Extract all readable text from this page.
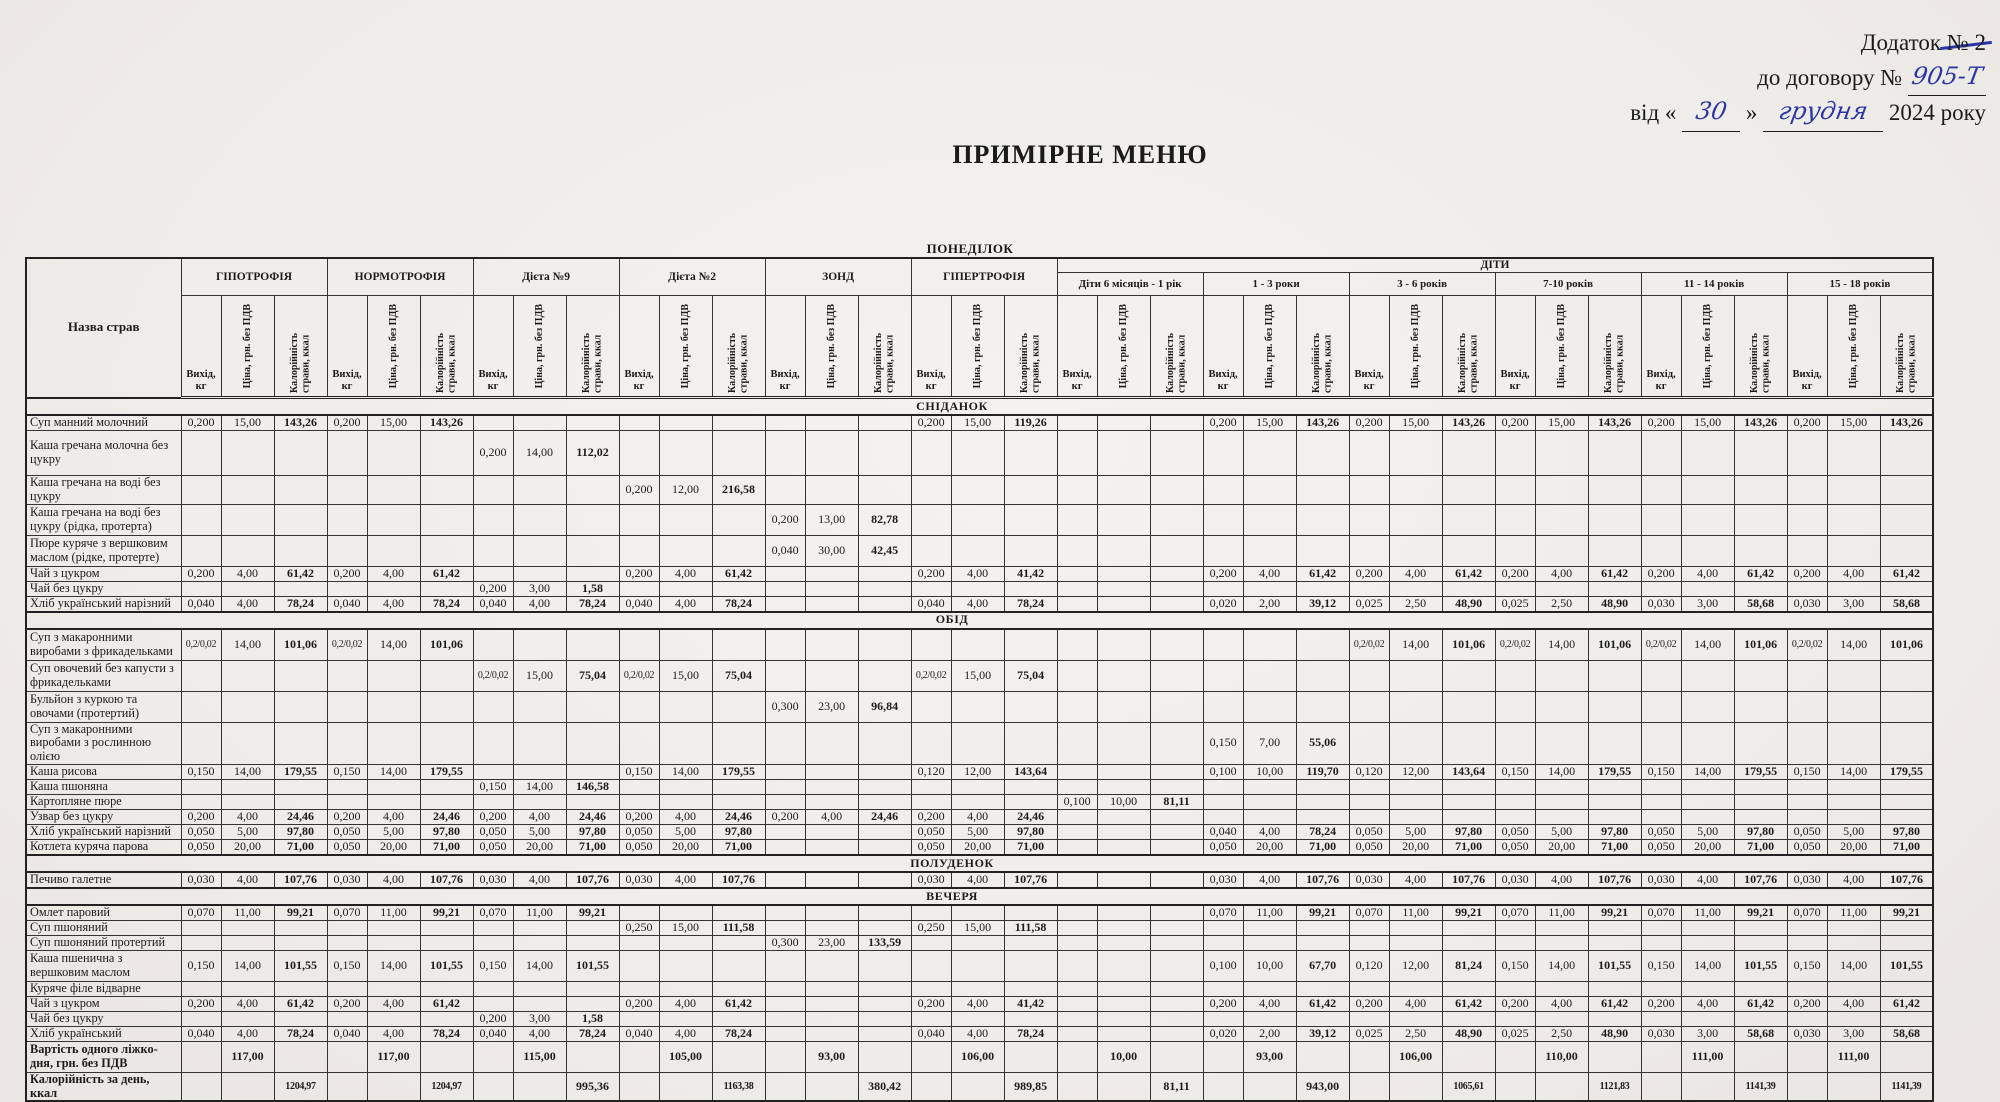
Додаток № 2
до договору № 905-Т
від « 30 » грудня 2024 року
ПРИМІРНЕ МЕНЮ
ПОНЕДІЛОК
Назва страв	ГІПОТРОФІЯ			НОРМОТРОФІЯ			Дієта №9			Дієта №2			ЗОНД			ГІПЕРТРОФІЯ			ДІТИ																	
																			Діти 6 місяців - 1 рік			1 - 3 роки			3 - 6 років			7-10 років			11 - 14 років			15 - 18 років		

Вихід, кг	Ціна, грн. без ПДВ	Калорійність страви, ккал	Вихід, кг	Ціна, грн. без ПДВ	Калорійність страви, ккал	Вихід, кг	Ціна, грн. без ПДВ	Калорійність страви, ккал	Вихід, кг	Ціна, грн. без ПДВ	Калорійність страви, ккал	Вихід, кг	Ціна, грн. без ПДВ	Калорійність страви, ккал	Вихід, кг	Ціна, грн. без ПДВ	Калорійність страви, ккал	Вихід, кг	Ціна, грн. без ПДВ	Калорійність страви, ккал	Вихід, кг	Ціна, грн. без ПДВ	Калорійність страви, ккал	Вихід, кг	Ціна, грн. без ПДВ	Калорійність страви, ккал	Вихід, кг	Ціна, грн. без ПДВ	Калорійність страви, ккал	Вихід, кг	Ціна, грн. без ПДВ	Калорійність страви, ккал	Вихід, кг	Ціна, грн. без ПДВ	Калорійність страви, ккал

СНІДАНОК																																				
Суп манний молочний	0,200	15,00	143,26	0,200	15,00	143,26										0,200	15,00	119,26				0,200	15,00	143,26	0,200	15,00	143,26	0,200	15,00	143,26	0,200	15,00	143,26	0,200	15,00	143,26
Каша гречана молочна без цукру							0,200	14,00	112,02																											
Каша гречана на воді без цукру										0,200	12,00	216,58																								
Каша гречана на воді без цукру (рідка, протерта)													0,200	13,00	82,78																					
Пюре куряче з вершковим маслом (рідке, протерте)													0,040	30,00	42,45																					
Чай з цукром	0,200	4,00	61,42	0,200	4,00	61,42				0,200	4,00	61,42				0,200	4,00	41,42				0,200	4,00	61,42	0,200	4,00	61,42	0,200	4,00	61,42	0,200	4,00	61,42	0,200	4,00	61,42
Чай без цукру							0,200	3,00	1,58																											
Хліб український нарізний	0,040	4,00	78,24	0,040	4,00	78,24	0,040	4,00	78,24	0,040	4,00	78,24				0,040	4,00	78,24				0,020	2,00	39,12	0,025	2,50	48,90	0,025	2,50	48,90	0,030	3,00	58,68	0,030	3,00	58,68
ОБІД																																				
Суп з макаронними виробами з фрикадельками	0,2/0,02	14,00	101,06	0,2/0,02	14,00	101,06																			0,2/0,02	14,00	101,06	0,2/0,02	14,00	101,06	0,2/0,02	14,00	101,06	0,2/0,02	14,00	101,06
Суп овочевий без капусти з фрикадельками							0,2/0,02	15,00	75,04	0,2/0,02	15,00	75,04				0,2/0,02	15,00	75,04																		
Бульйон з куркою та овочами (протертий)													0,300	23,00	96,84																					
Суп з макаронними виробами з рослинною олією																						0,150	7,00	55,06												
Каша рисова	0,150	14,00	179,55	0,150	14,00	179,55				0,150	14,00	179,55				0,120	12,00	143,64				0,100	10,00	119,70	0,120	12,00	143,64	0,150	14,00	179,55	0,150	14,00	179,55	0,150	14,00	179,55
Каша пшоняна							0,150	14,00	146,58																											
Картопляне пюре																			0,100	10,00	81,11															
Узвар без цукру	0,200	4,00	24,46	0,200	4,00	24,46	0,200	4,00	24,46	0,200	4,00	24,46	0,200	4,00	24,46	0,200	4,00	24,46																		
Хліб український нарізний	0,050	5,00	97,80	0,050	5,00	97,80	0,050	5,00	97,80	0,050	5,00	97,80				0,050	5,00	97,80				0,040	4,00	78,24	0,050	5,00	97,80	0,050	5,00	97,80	0,050	5,00	97,80	0,050	5,00	97,80
Котлета куряча парова	0,050	20,00	71,00	0,050	20,00	71,00	0,050	20,00	71,00	0,050	20,00	71,00				0,050	20,00	71,00				0,050	20,00	71,00	0,050	20,00	71,00	0,050	20,00	71,00	0,050	20,00	71,00	0,050	20,00	71,00
ПОЛУДЕНОК																																				
Печиво галетне	0,030	4,00	107,76	0,030	4,00	107,76	0,030	4,00	107,76	0,030	4,00	107,76				0,030	4,00	107,76				0,030	4,00	107,76	0,030	4,00	107,76	0,030	4,00	107,76	0,030	4,00	107,76	0,030	4,00	107,76
ВЕЧЕРЯ																																				
Омлет паровий	0,070	11,00	99,21	0,070	11,00	99,21	0,070	11,00	99,21													0,070	11,00	99,21	0,070	11,00	99,21	0,070	11,00	99,21	0,070	11,00	99,21	0,070	11,00	99,21
Суп пшоняний										0,250	15,00	111,58				0,250	15,00	111,58																		
Суп пшоняний протертий													0,300	23,00	133,59																					
Каша пшенична з вершковим маслом	0,150	14,00	101,55	0,150	14,00	101,55	0,150	14,00	101,55													0,100	10,00	67,70	0,120	12,00	81,24	0,150	14,00	101,55	0,150	14,00	101,55	0,150	14,00	101,55
Куряче філе відварне																																				
Чай з цукром	0,200	4,00	61,42	0,200	4,00	61,42				0,200	4,00	61,42				0,200	4,00	41,42				0,200	4,00	61,42	0,200	4,00	61,42	0,200	4,00	61,42	0,200	4,00	61,42	0,200	4,00	61,42
Чай без цукру							0,200	3,00	1,58																											
Хліб український	0,040	4,00	78,24	0,040	4,00	78,24	0,040	4,00	78,24	0,040	4,00	78,24				0,040	4,00	78,24				0,020	2,00	39,12	0,025	2,50	48,90	0,025	2,50	48,90	0,030	3,00	58,68	0,030	3,00	58,68
Вартість одного ліжко-дня, грн. без ПДВ		117,00			117,00			115,00			105,00			93,00			106,00			10,00			93,00			106,00			110,00			111,00			111,00	
Калорійність за день, ккал			1204,97			1204,97			995,36			1163,38			380,42			989,85			81,11			943,00			1065,61			1121,83			1141,39			1141,39
